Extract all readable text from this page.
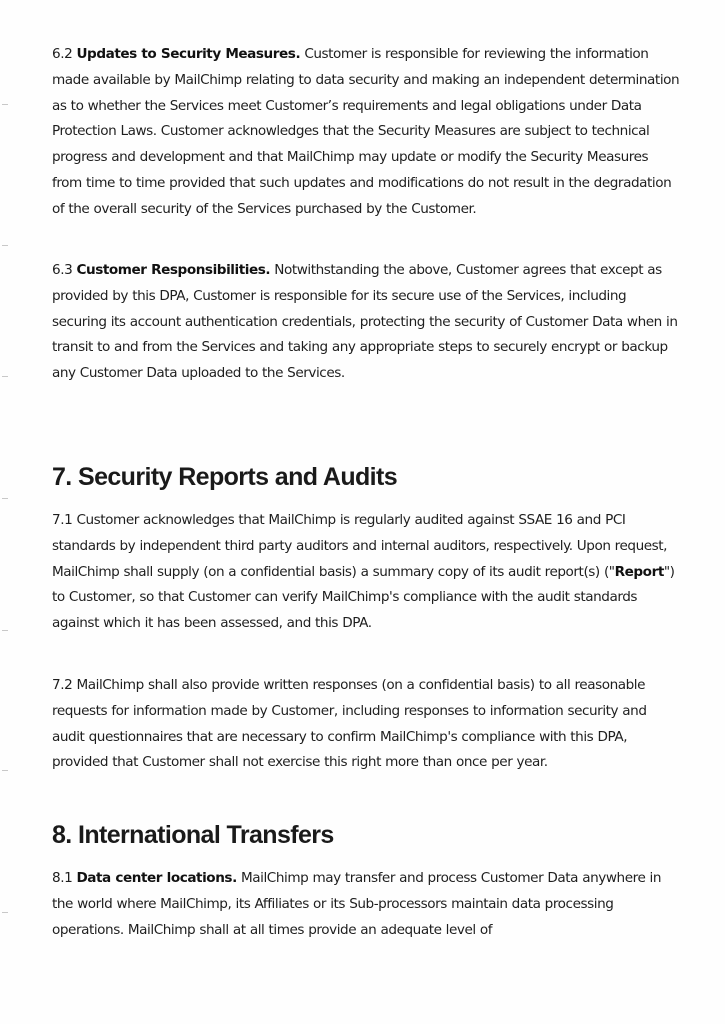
6.2 Updates to Security Measures. Customer is responsible for reviewing the information made available by MailChimp relating to data security and making an independent determination as to whether the Services meet Customer’s requirements and legal obligations under Data Protection Laws. Customer acknowledges that the Security Measures are subject to technical progress and development and that MailChimp may update or modify the Security Measures from time to time provided that such updates and modifications do not result in the degradation of the overall security of the Services purchased by the Customer.

6.3 Customer Responsibilities. Notwithstanding the above, Customer agrees that except as provided by this DPA, Customer is responsible for its secure use of the Services, including securing its account authentication credentials, protecting the security of Customer Data when in transit to and from the Services and taking any appropriate steps to securely encrypt or backup any Customer Data uploaded to the Services.

7. Security Reports and Audits

7.1 Customer acknowledges that MailChimp is regularly audited against SSAE 16 and PCI standards by independent third party auditors and internal auditors, respectively. Upon request, MailChimp shall supply (on a confidential basis) a summary copy of its audit report(s) ("Report") to Customer, so that Customer can verify MailChimp's compliance with the audit standards against which it has been assessed, and this DPA.

7.2 MailChimp shall also provide written responses (on a confidential basis) to all reasonable requests for information made by Customer, including responses to information security and audit questionnaires that are necessary to confirm MailChimp's compliance with this DPA, provided that Customer shall not exercise this right more than once per year.

8. International Transfers

8.1 Data center locations. MailChimp may transfer and process Customer Data anywhere in the world where MailChimp, its Affiliates or its Sub-processors maintain data processing operations. MailChimp shall at all times provide an adequate level of
